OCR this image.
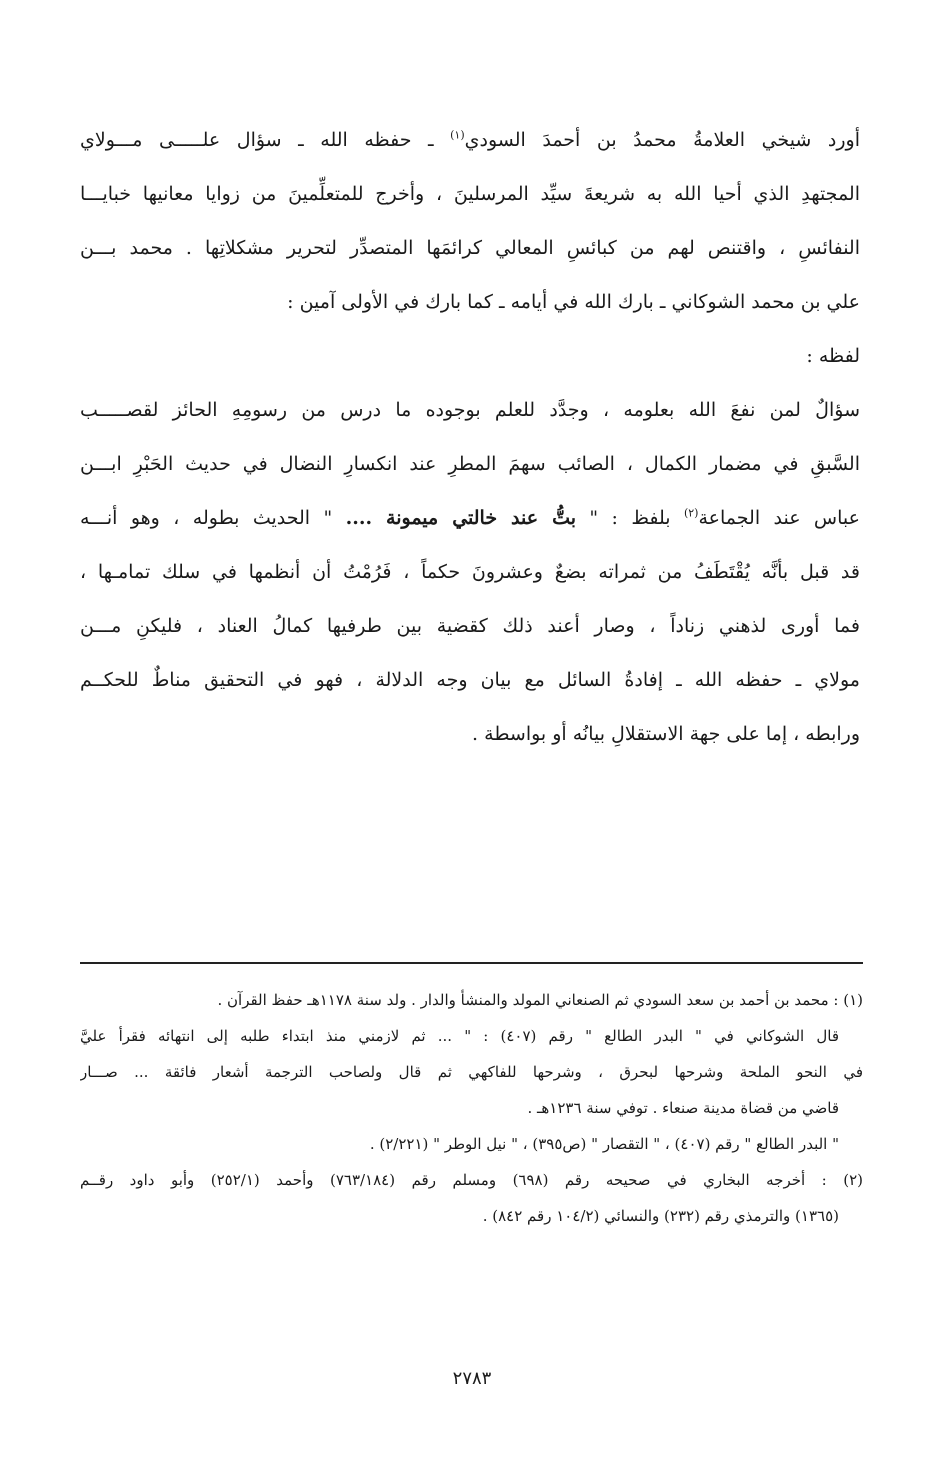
أورد شيخي العلامةُ محمدُ بن أحمدَ السودي$^{(١)}$ ـ حفظه الله ـ سؤال علـــــى مـــولاي
المجتهدِ الذي أحيا الله به شريعةَ سيِّد المرسلينَ ، وأخرج للمتعلِّمينَ من زوايا معانيها خبايـــا
النفائسِ ، واقتنص لهم من كبائسِ المعالي كرائمَها المتصدِّر لتحرير مشكلاتِها . محمد بـــن
علي بن محمد الشوكاني ـ بارك الله في أيامه ـ كما بارك في الأولى آمين :
لفظه :
سؤالٌ لمن نفعَ الله بعلومه ، وجدَّد للعلم بوجوده ما درس من رسومِهِ الحائز لقصـــــب
السَّبقِ في مضمار الكمال ، الصائب سهمَ المطرِ عند انكسارِ النضال في حديث الحَبْرِ ابـــن
عباس عند الجماعة$^{(٢)}$ بلفظ : " بتُّ عند خالتي ميمونة .... " الحديث بطوله ، وهو أنـــه
قد قبل بأنَّه يُقْتَطَفُ من ثمراته بضعٌ وعشرونَ حكماً ، فَرُمْتُ أن أنظمها في سلك تمامـها ،
فما أورى لذهني زناداً ، وصار أعند ذلك كقضية بين طرفيها كمالُ العناد ، فليكنِ مـــن
مولاي ـ حفظه الله ـ إفادةُ السائل مع بيان وجه الدلالة ، فهو في التحقيق مناطٌ للحكــم
ورابطه ، إما على جهة الاستقلالِ بيانُه أو بواسطة .
(١) : محمد بن أحمد بن سعد السودي ثم الصنعاني المولد والمنشأ والدار . ولد سنة ١١٧٨هـ حفظ القرآن .
قال الشوكاني في " البدر الطالع " رقم (٤٠٧) : " ... ثم لازمني منذ ابتداء طلبه إلى انتهائه فقرأ عليَّ
في النحو الملحة وشرحها لبحرق ، وشرحها للفاكهي ثم قال ولصاحب الترجمة أشعار فائقة ... صـــار
قاضي من قضاة مدينة صنعاء . توفي سنة ١٢٣٦هـ .
" البدر الطالع " رقم (٤٠٧) ، " التقصار " (ص٣٩٥) ، " نيل الوطر " (٢/٢٢١) .
(٢) : أخرجه البخاري في صحيحه رقم (٦٩٨) ومسلم رقم (٧٦٣/١٨٤) وأحمد (٢٥٢/١) وأبو داود رقــم
(١٣٦٥) والترمذي رقم (٢٣٢) والنسائي (١٠٤/٢ رقم ٨٤٢) .
٢٧٨٣
